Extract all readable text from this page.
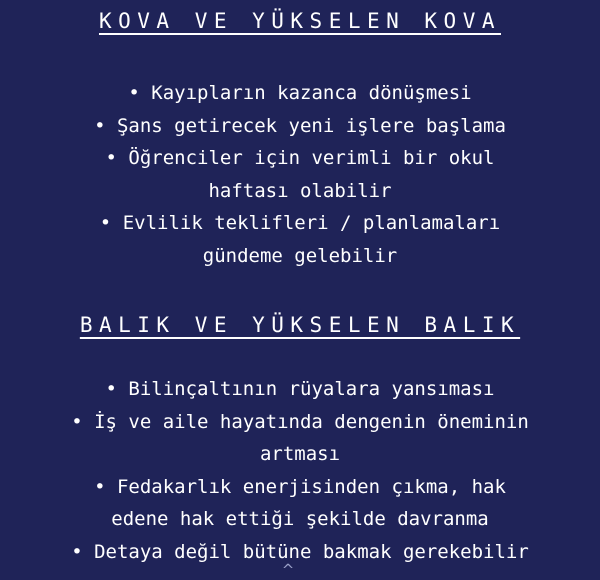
KOVA VE YÜKSELEN KOVA
• Kayıpların kazanca dönüşmesi
• Şans getirecek yeni işlere başlama
• Öğrenciler için verimli bir okul
haftası olabilir
• Evlilik teklifleri / planlamaları
gündeme gelebilir
BALIK VE YÜKSELEN BALIK
• Bilinçaltının rüyalara yansıması
• İş ve aile hayatında dengenin öneminin
artması
• Fedakarlık enerjisinden çıkma, hak
edene hak ettiği şekilde davranma
• Detaya değil bütüne bakmak gerekebilir
^
